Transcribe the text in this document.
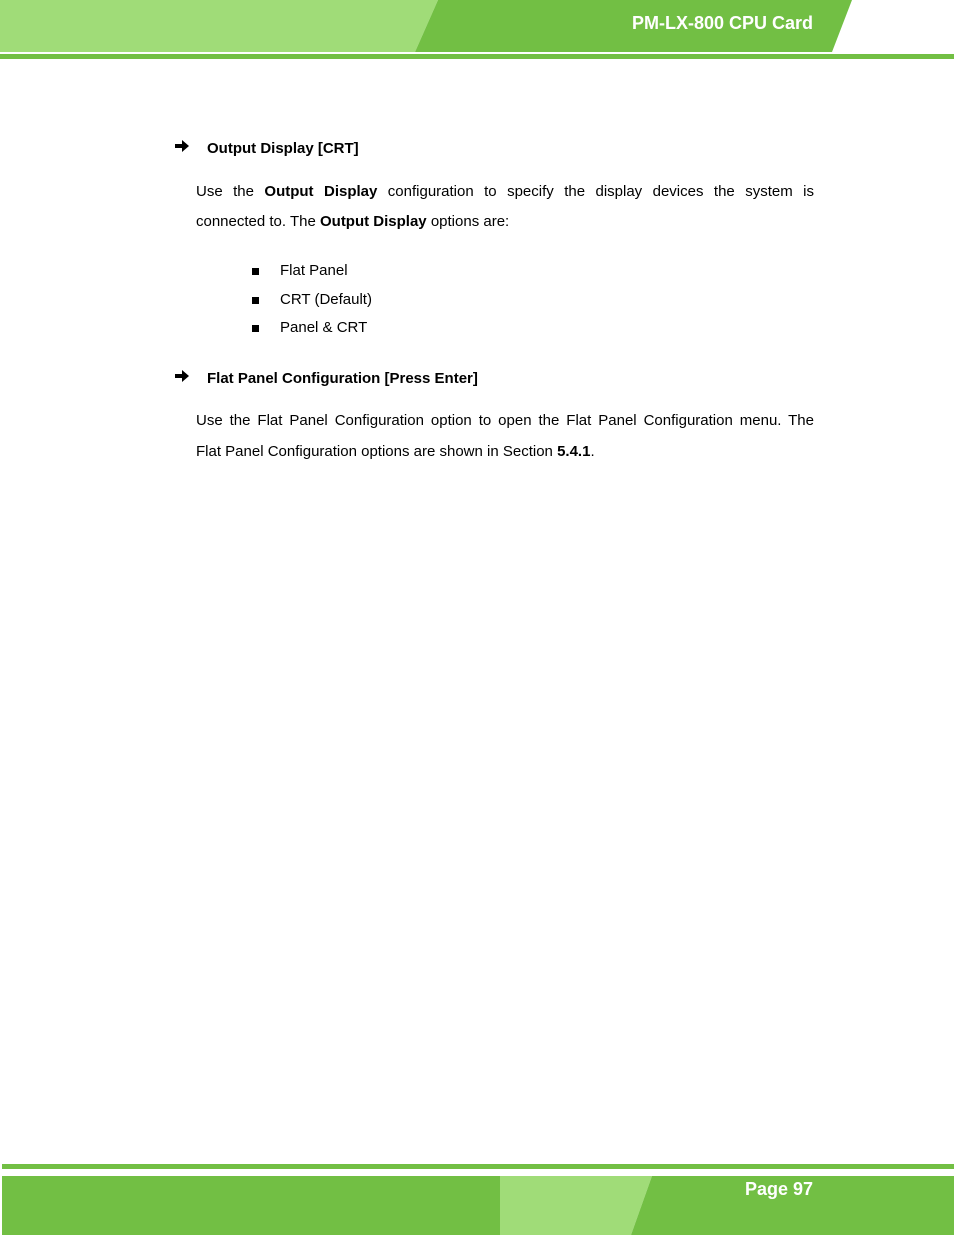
PM-LX-800 CPU Card
Output Display [CRT]
Use the Output Display configuration to specify the display devices the system is
connected to. The Output Display options are:
Flat Panel
CRT (Default)
Panel & CRT
Flat Panel Configuration [Press Enter]
Use the Flat Panel Configuration option to open the Flat Panel Configuration menu. The
Flat Panel Configuration options are shown in Section 5.4.1.
Page 97
